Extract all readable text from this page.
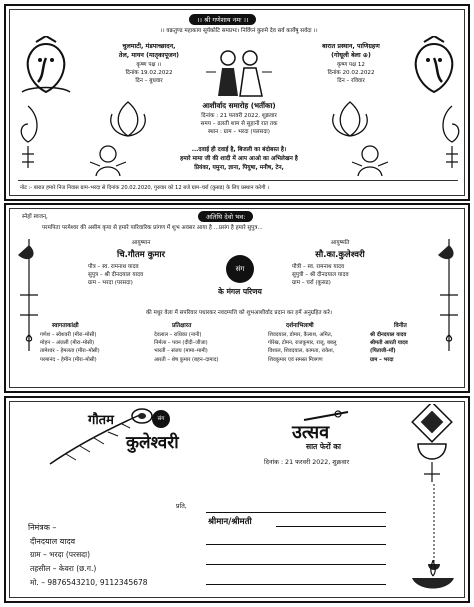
।। श्री गणेशाय नमः ।।
।। वक्रतुण्ड महाकाय सूर्यकोटि समप्रभः। निर्विघ्नं कुरुमे देव सर्व कार्येषु सर्वदा ।।
चुलमाटी, मंडपाच्छादन,
तेल, मायन (मातृकापूजन)
कृष्ण पक्ष ।।
दिनांक 19.02.2022
दिन – बुधवार
बारात प्रस्थान, पाणिग्रहण
(गोधूली बेला ⊕)
कृष्ण पक्ष 12
दिनांक 20.02.2022
दिन – रविवार
आशीर्वाद समारोह (भर्तीका)
दिनांक : 21 फरवरी 2022, शुक्रवार
समय – ढलती शाम से सुहानी रात तक
स्थान : ग्राम – भरदा (पलसदा)
...दवाई ही दवाई है, बिजली का बंदोबस्त है।
हमारे मामा जी की शादी में आप आओ का अभिलेखन है
प्रियंका, यमुना, ज्ञाना, पियुषा, मनीष, टेन,
नोट :- बारात हमारे निज निवास ग्राम–भरदा से दिनांक 20.02.2020, गुरुवार को 12 बजे ग्राम–चर्रा (कुसड) के लिए प्रस्थान करेगी ।
स्नेहों स्वजन्,	अतिथि देवो भव:
परमपिता परमेश्वर की असीम कृपा से हमारे पारिवारिक प्रांगण में शुभ अवसर आया है ...प्रसंग है हमारे सुपुत्र...
आयुष्मान
चि.गौतम कुमार
पौत्र – स्व. रामनाथ यादव
सुपुत्र – श्री दीनदयाल यादव
ग्राम – भरदा (परसदा)
संग
के मंगल परिणय
आयुष्मति
सौ.का.कुलेश्वरी
पौत्री – स्व. रामनाथ यादव
सुपुत्री – श्री दीनदयाल यादव
ग्राम – चर्रा (कुसड)
की मधुर वेला में सपरिवार पधारकर नवदम्पत्ति को शुभआशीर्वाद प्रदान कर हमें अनुग्रहित करे।
स्वागताकांक्षी
गणेश – स्वेशवरी (मीरा–मोसी)
मोहन – अंजली (मीरा–मोसी)
तामेश्वर – हेमलता (मीरा–मोसी)
परमानंद – हेमीन (मीरा–मोसी)
प्रतिक्षारत
देवलाल – राधिका (नानी)
निर्मला – पवन (दीदी–जीजा)
भारती – संजय (मामा–मामी)
आरती – शेष कुमार (बहन–दामाद)
दर्शनाभिलाषी
शिवदयाल, डोमार, कैलाश, अमित,
गोरेख, टोमन, राजकुमार, राजू, बबलू
विशाल, शिवदयाल, कामता, राकेश,
शिवकुमार एवं समस्त मित्रगण
विनीत
श्री दीनदयाल यादव
श्रीमती आरती यादव
(पिताजी–माँ)
ग्राम – भरदा
गौतम	संग
कुलेश्वरी	उत्सव
सात फेरों का
दिनांक : 21 फरवरी 2022, शुक्रवार
प्रति,
श्रीमान/श्रीमती
निमंत्रक –
दीनदयाल यादव
ग्राम – भरदा (परसदा)
तहसील – केवरा (छ.ग.)
मो. – 9876543210, 9112345678
